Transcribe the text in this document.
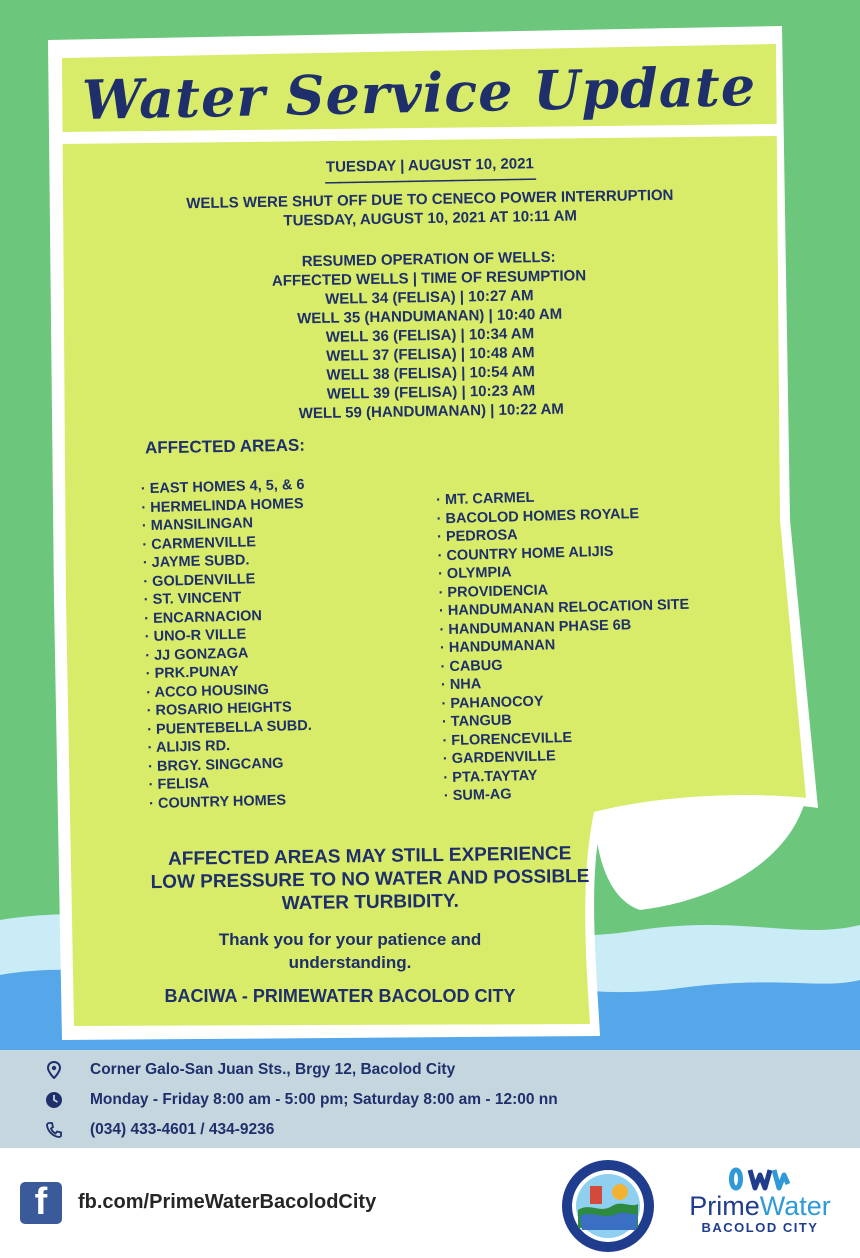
Water Service Update
TUESDAY | AUGUST 10, 2021
———————————————
WELLS WERE SHUT OFF DUE TO CENECO POWER INTERRUPTION
TUESDAY, AUGUST 10, 2021 AT 10:11 AM
RESUMED OPERATION OF WELLS:
AFFECTED WELLS | TIME OF RESUMPTION
WELL 34 (FELISA) | 10:27 AM
WELL 35 (HANDUMANAN) | 10:40 AM
WELL 36 (FELISA) | 10:34 AM
WELL 37 (FELISA) | 10:48 AM
WELL 38 (FELISA) | 10:54 AM
WELL 39 (FELISA) | 10:23 AM
WELL 59 (HANDUMANAN) | 10:22 AM
AFFECTED AREAS:
· EAST HOMES 4, 5, & 6
· HERMELINDA HOMES
· MANSILINGAN
· CARMENVILLE
· JAYME SUBD.
· GOLDENVILLE
· ST. VINCENT
· ENCARNACION
· UNO-R VILLE
· JJ GONZAGA
· PRK.PUNAY
· ACCO HOUSING
· ROSARIO HEIGHTS
· PUENTEBELLA SUBD.
· ALIJIS RD.
· BRGY. SINGCANG
· FELISA
· COUNTRY HOMES
· MT. CARMEL
· BACOLOD HOMES ROYALE
· PEDROSA
· COUNTRY HOME ALIJIS
· OLYMPIA
· PROVIDENCIA
· HANDUMANAN RELOCATION SITE
· HANDUMANAN PHASE 6B
· HANDUMANAN
· CABUG
· NHA
· PAHANOCOY
· TANGUB
· FLORENCEVILLE
· GARDENVILLE
· PTA.TAYTAY
· SUM-AG
AFFECTED AREAS MAY STILL EXPERIENCE
LOW PRESSURE TO NO WATER AND POSSIBLE
WATER TURBIDITY.
Thank you for your patience and
understanding.
BACIWA - PRIMEWATER BACOLOD CITY
Corner Galo-San Juan Sts., Brgy 12, Bacolod City
Monday - Friday 8:00 am - 5:00 pm; Saturday 8:00 am - 12:00 nn
(034) 433-4601 / 434-9236
f	fb.com/PrimeWaterBacolodCity	PrimeWater
BACOLOD CITY
